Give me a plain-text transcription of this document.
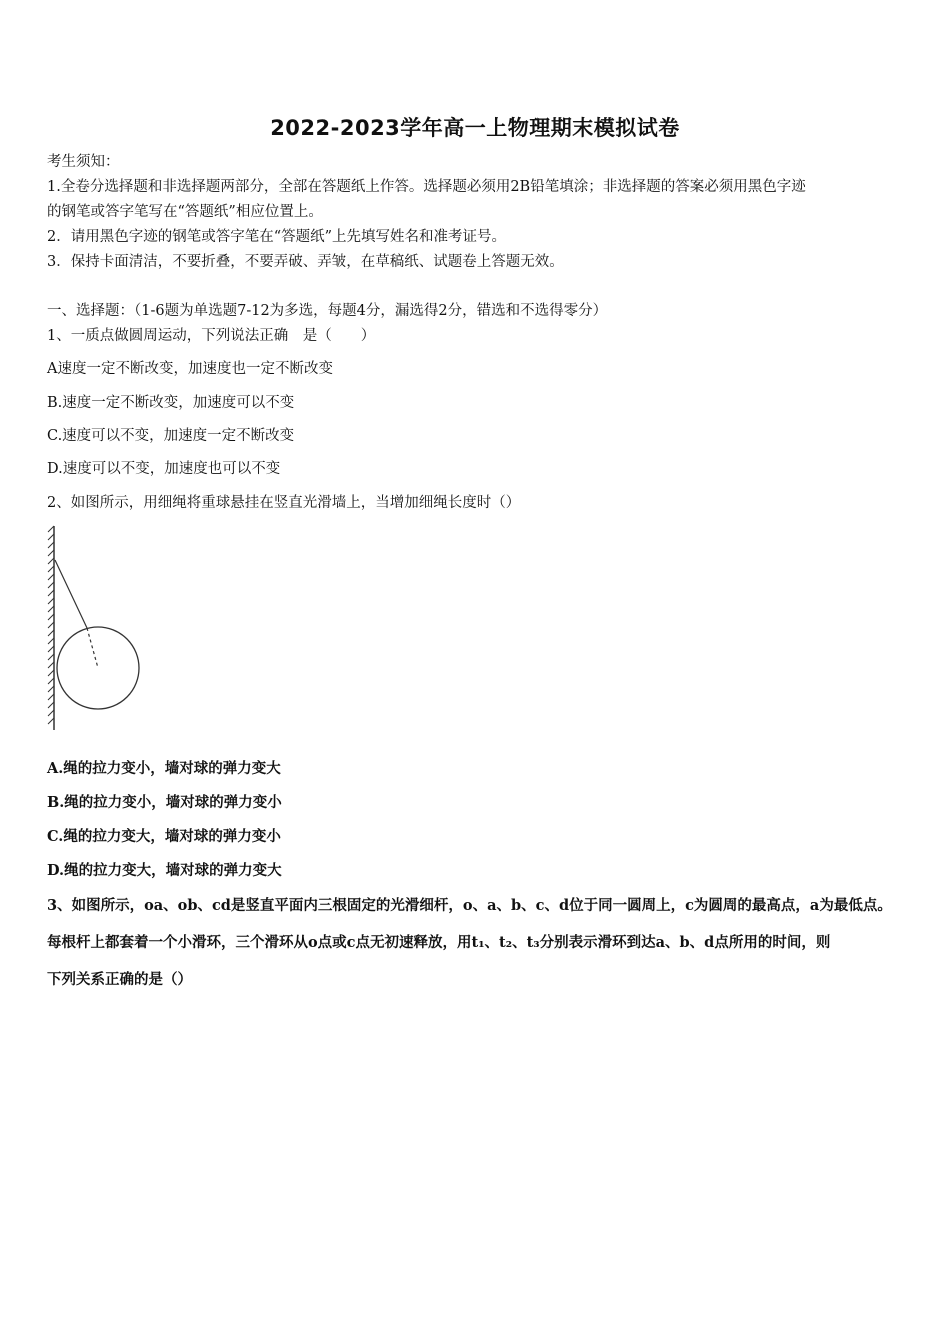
2022-2023学年高一上物理期末模拟试卷
考生须知：
1.全卷分选择题和非选择题两部分，全部在答题纸上作答。选择题必须用2B铅笔填涂；非选择题的答案必须用黑色字迹
的钢笔或答字笔写在“答题纸”相应位置上。
2．请用黑色字迹的钢笔或答字笔在“答题纸”上先填写姓名和准考证号。
3．保持卡面清洁，不要折叠，不要弄破、弄皱，在草稿纸、试题卷上答题无效。
一、选择题：（1-6题为单选题7-12为多选，每题4分，漏选得2分，错选和不选得零分）
1、一质点做圆周运动，下列说法正确　是（　　）
A速度一定不断改变，加速度也一定不断改变
B.速度一定不断改变，加速度可以不变
C.速度可以不变，加速度一定不断改变
D.速度可以不变，加速度也可以不变
2、如图所示，用细绳将重球悬挂在竖直光滑墙上，当增加细绳长度时（）
A.绳的拉力变小，墙对球的弹力变大
B.绳的拉力变小，墙对球的弹力变小
C.绳的拉力变大，墙对球的弹力变小
D.绳的拉力变大，墙对球的弹力变大
3、如图所示，oa、ob、cd是竖直平面内三根固定的光滑细杆，o、a、b、c、d位于同一圆周上，c为圆周的最高点，a为最低点。
每根杆上都套着一个小滑环，三个滑环从o点或c点无初速释放，用t₁、t₂、t₃分别表示滑环到达a、b、d点所用的时间，则
下列关系正确的是（）
